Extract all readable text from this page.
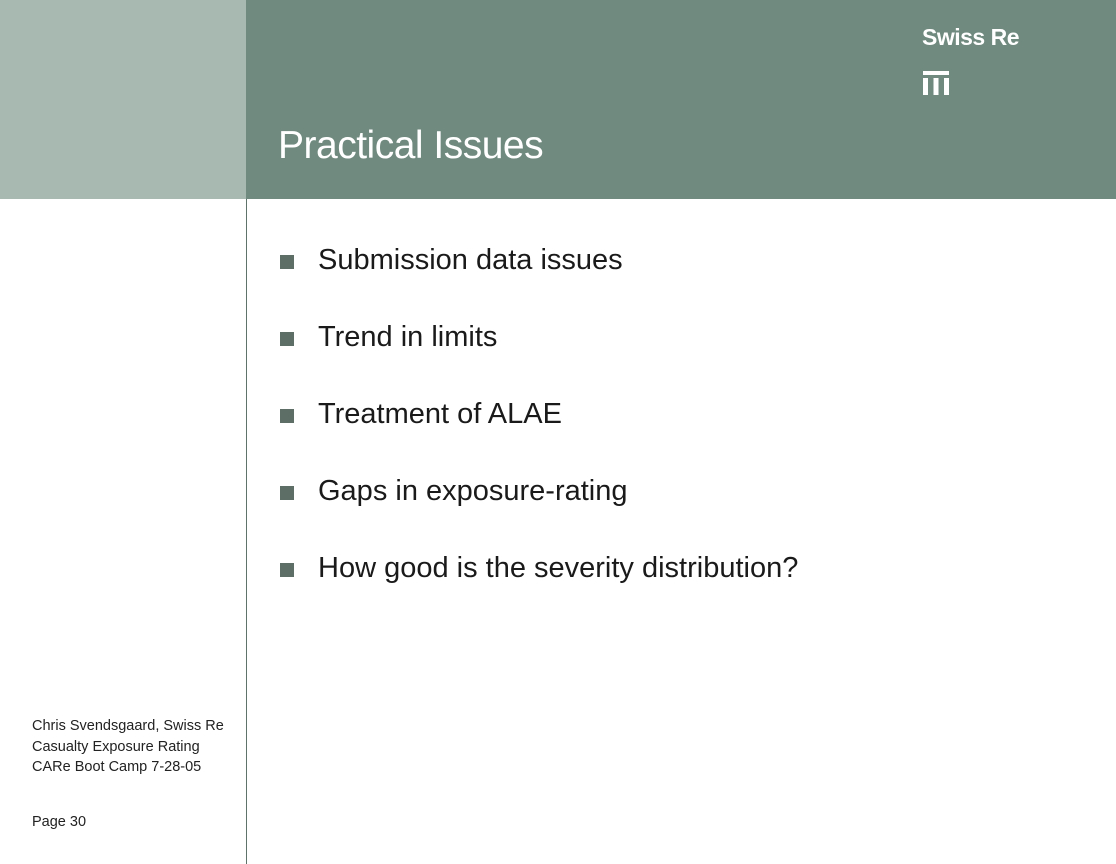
Practical Issues
Swiss Re
Submission data issues
Trend in limits
Treatment of ALAE
Gaps in exposure-rating
How good is the severity distribution?
Chris Svendsgaard, Swiss Re
Casualty Exposure Rating
CARe Boot Camp 7-28-05
Page 30
